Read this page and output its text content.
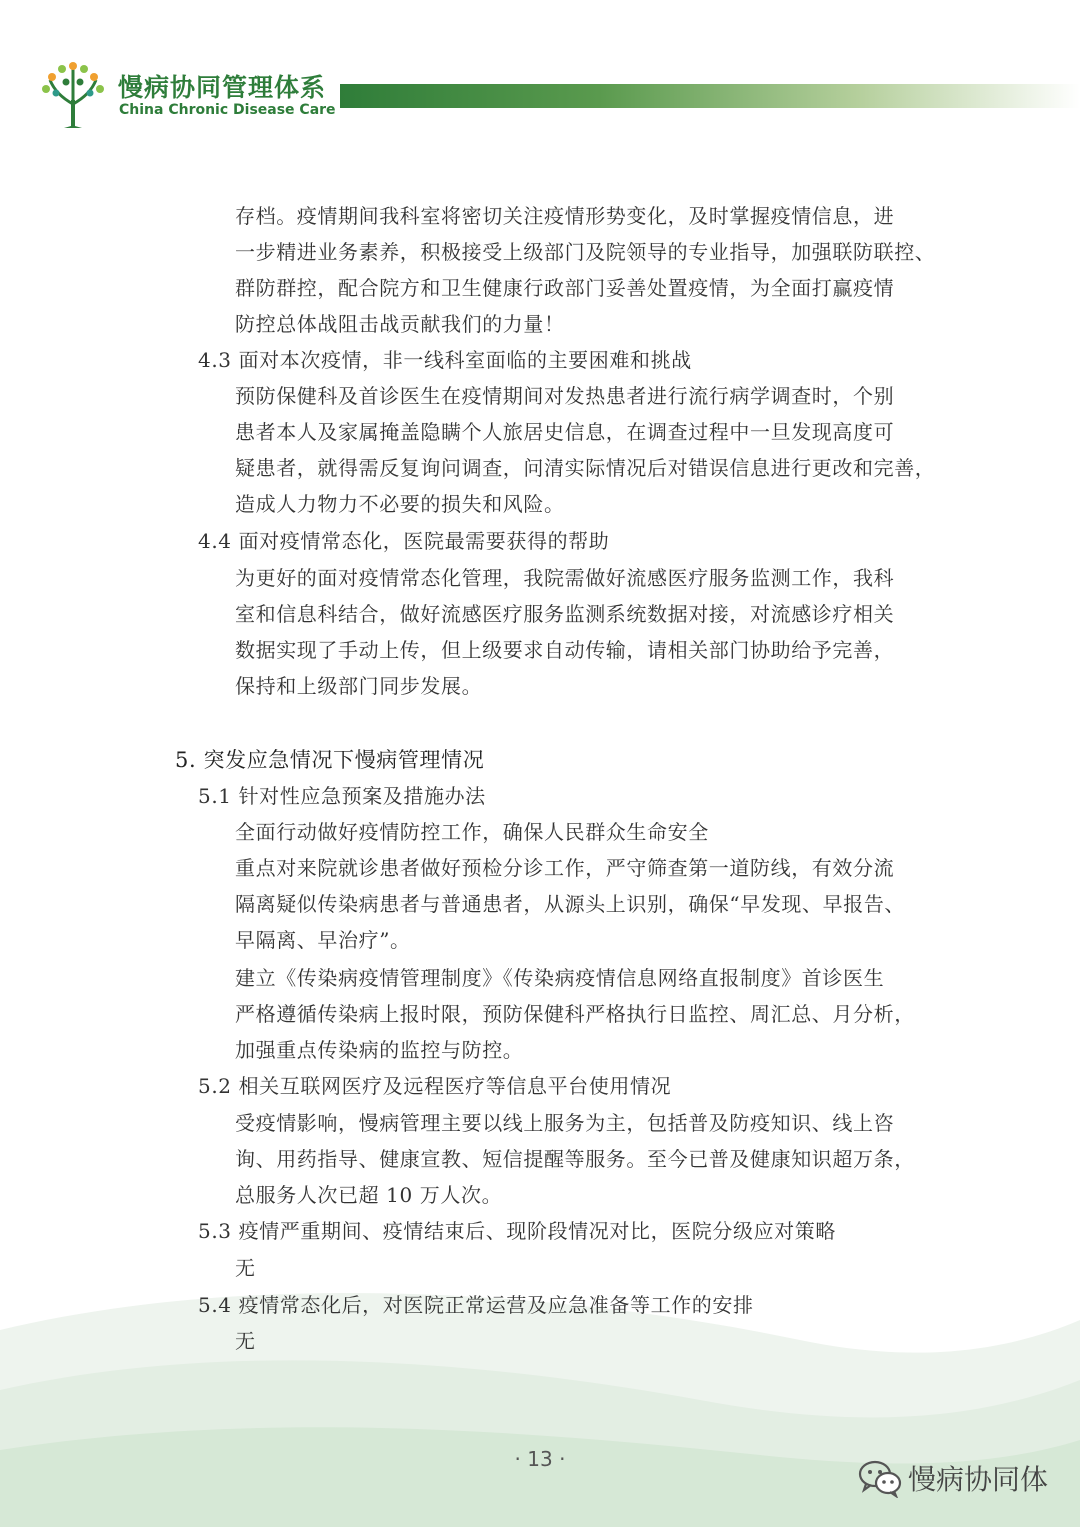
慢病协同管理体系
China Chronic Disease Care
存档。疫情期间我科室将密切关注疫情形势变化，及时掌握疫情信息，进
一步精进业务素养，积极接受上级部门及院领导的专业指导，加强联防联控、
群防群控，配合院方和卫生健康行政部门妥善处置疫情，为全面打赢疫情
防控总体战阻击战贡献我们的力量！
4.3 面对本次疫情，非一线科室面临的主要困难和挑战
预防保健科及首诊医生在疫情期间对发热患者进行流行病学调查时，个别
患者本人及家属掩盖隐瞒个人旅居史信息，在调查过程中一旦发现高度可
疑患者，就得需反复询问调查，问清实际情况后对错误信息进行更改和完善，
造成人力物力不必要的损失和风险。
4.4 面对疫情常态化，医院最需要获得的帮助
为更好的面对疫情常态化管理，我院需做好流感医疗服务监测工作，我科
室和信息科结合，做好流感医疗服务监测系统数据对接，对流感诊疗相关
数据实现了手动上传，但上级要求自动传输，请相关部门协助给予完善，
保持和上级部门同步发展。
5. 突发应急情况下慢病管理情况
5.1 针对性应急预案及措施办法
全面行动做好疫情防控工作，确保人民群众生命安全
重点对来院就诊患者做好预检分诊工作，严守筛查第一道防线，有效分流
隔离疑似传染病患者与普通患者，从源头上识别，确保“早发现、早报告、
早隔离、早治疗”。
建立《传染病疫情管理制度》《传染病疫情信息网络直报制度》首诊医生
严格遵循传染病上报时限，预防保健科严格执行日监控、周汇总、月分析，
加强重点传染病的监控与防控。
5.2 相关互联网医疗及远程医疗等信息平台使用情况
受疫情影响，慢病管理主要以线上服务为主，包括普及防疫知识、线上咨
询、用药指导、健康宣教、短信提醒等服务。至今已普及健康知识超万条，
总服务人次已超 10 万人次。
5.3 疫情严重期间、疫情结束后、现阶段情况对比，医院分级应对策略
无
5.4 疫情常态化后，对医院正常运营及应急准备等工作的安排
无
· 13 ·
慢病协同体
